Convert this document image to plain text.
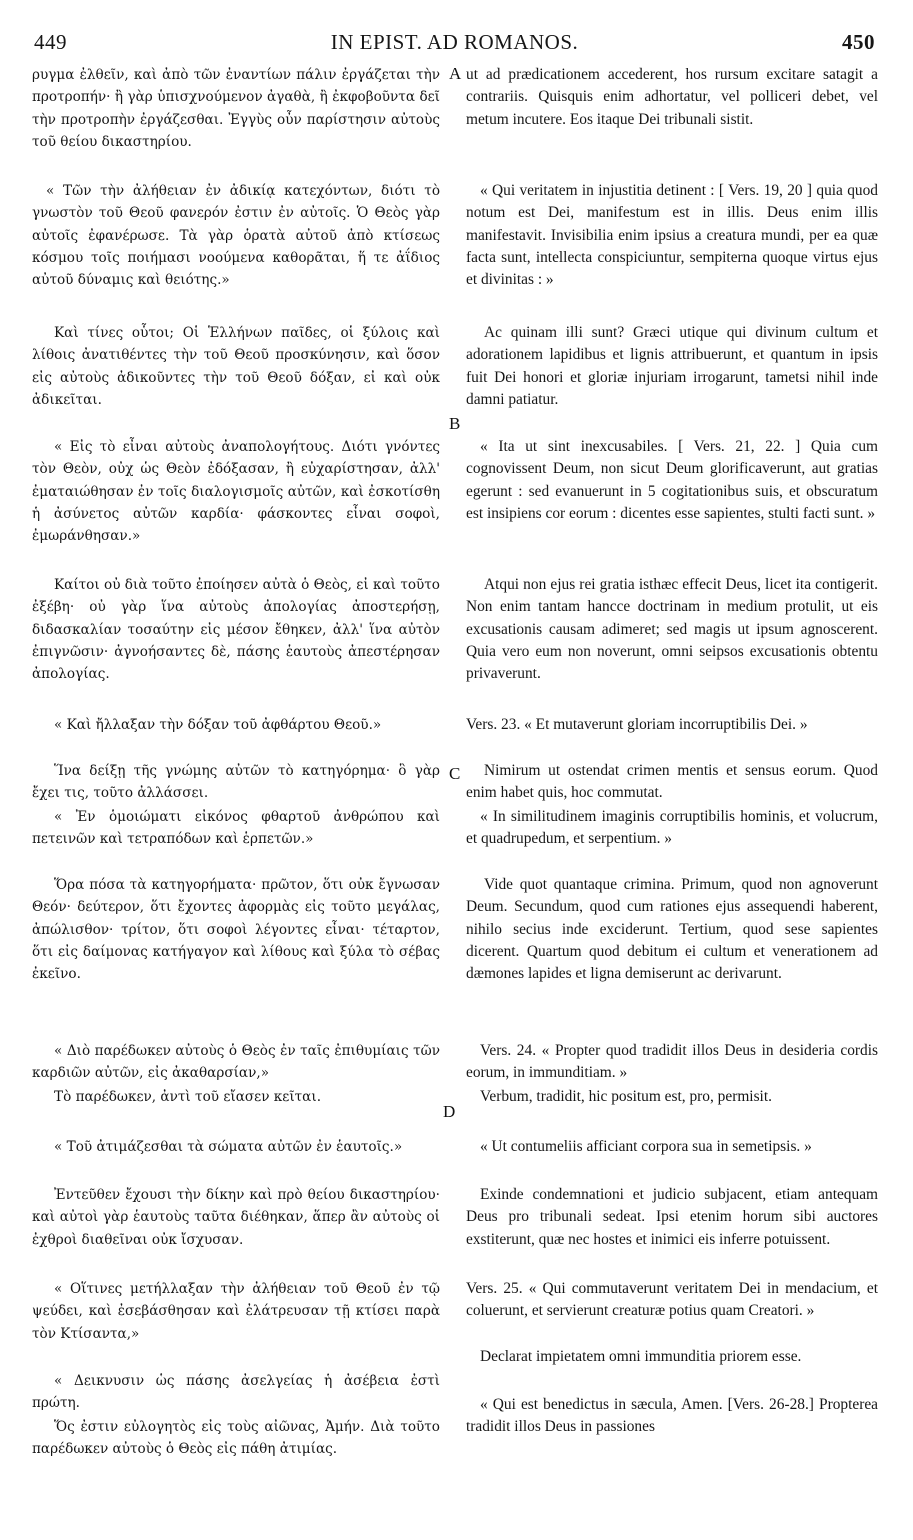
449	IN EPIST. AD ROMANOS.	450

ρυγμα ἐλθεῖν, καὶ ἀπὸ τῶν ἐναντίων πάλιν ἐργάζεται τὴν προτροπήν· ἢ γὰρ ὑπισχνούμενον ἀγαθὰ, ἢ ἐκφοβοῦντα δεῖ τὴν προτροπὴν ἐργάζεσθαι. Ἐγγὺς οὖν παρίστησιν αὐτοὺς τοῦ θείου δικαστηρίου.

« Τῶν τὴν ἀλήθειαν ἐν ἀδικίᾳ κατεχόντων, διότι τὸ γνωστὸν τοῦ Θεοῦ φανερόν ἐστιν ἐν αὐτοῖς. Ὁ Θεὸς γὰρ αὐτοῖς ἐφανέρωσε. Τὰ γὰρ ὁρατὰ αὐτοῦ ἀπὸ κτίσεως κόσμου τοῖς ποιήμασι νοούμενα καθορᾶται, ἥ τε ἀΐδιος αὐτοῦ δύναμις καὶ θειότης.»

Καὶ τίνες οὗτοι; Οἱ Ἑλλήνων παῖδες, οἱ ξύλοις καὶ λίθοις ἀνατιθέντες τὴν τοῦ Θεοῦ προσκύνησιν, καὶ ὅσον εἰς αὐτοὺς ἀδικοῦντες τὴν τοῦ Θεοῦ δόξαν, εἰ καὶ οὐκ ἀδικεῖται.

« Εἰς τὸ εἶναι αὐτοὺς ἀναπολογήτους. Διότι γνόντες τὸν Θεὸν, οὐχ ὡς Θεὸν ἐδόξασαν, ἢ εὐχαρίστησαν, ἀλλ' ἐματαιώθησαν ἐν τοῖς διαλογισμοῖς αὐτῶν, καὶ ἐσκοτίσθη ἡ ἀσύνετος αὐτῶν καρδία· φάσκοντες εἶναι σοφοὶ, ἐμωράνθησαν.»

Καίτοι οὐ διὰ τοῦτο ἐποίησεν αὐτὰ ὁ Θεὸς, εἰ καὶ τοῦτο ἐξέβη· οὐ γὰρ ἵνα αὐτοὺς ἀπολογίας ἀποστερήσῃ, διδασκαλίαν τοσαύτην εἰς μέσον ἔθηκεν, ἀλλ' ἵνα αὐτὸν ἐπιγνῶσιν· ἀγνοήσαντες δὲ, πάσης ἑαυτοὺς ἀπεστέρησαν ἀπολογίας.

« Καὶ ἤλλαξαν τὴν δόξαν τοῦ ἀφθάρτου Θεοῦ.»

Ἵνα δείξῃ τῆς γνώμης αὐτῶν τὸ κατηγόρημα· ὃ γὰρ ἔχει τις, τοῦτο ἀλλάσσει.

« Ἐν ὁμοιώματι εἰκόνος φθαρτοῦ ἀνθρώπου καὶ πετεινῶν καὶ τετραπόδων καὶ ἑρπετῶν.»

Ὅρα πόσα τὰ κατηγορήματα· πρῶτον, ὅτι οὐκ ἔγνωσαν Θεόν· δεύτερον, ὅτι ἔχοντες ἀφορμὰς εἰς τοῦτο μεγάλας, ἀπώλισθον· τρίτον, ὅτι σοφοὶ λέγοντες εἶναι· τέταρτον, ὅτι εἰς δαίμονας κατήγαγον καὶ λίθους καὶ ξύλα τὸ σέβας ἐκεῖνο.

« Διὸ παρέδωκεν αὐτοὺς ὁ Θεὸς ἐν ταῖς ἐπιθυμίαις τῶν καρδιῶν αὐτῶν, εἰς ἀκαθαρσίαν,»

Τὸ παρέδωκεν, ἀντὶ τοῦ εἴασεν κεῖται.

« Τοῦ ἀτιμάζεσθαι τὰ σώματα αὐτῶν ἐν ἑαυτοῖς.»

Ἐντεῦθεν ἔχουσι τὴν δίκην καὶ πρὸ θείου δικαστηρίου· καὶ αὐτοὶ γὰρ ἑαυτοὺς ταῦτα διέθηκαν, ἅπερ ἂν αὐτοὺς οἱ ἐχθροὶ διαθεῖναι οὐκ ἴσχυσαν.

« Οἵτινες μετήλλαξαν τὴν ἀλήθειαν τοῦ Θεοῦ ἐν τῷ ψεύδει, καὶ ἐσεβάσθησαν καὶ ἐλάτρευσαν τῇ κτίσει παρὰ τὸν Κτίσαντα,»

« Δεικνυσιν ὡς πάσης ἀσελγείας ἡ ἀσέβεια ἐστὶ πρώτη.

Ὅς ἐστιν εὐλογητὸς εἰς τοὺς αἰῶνας, Ἀμήν. Διὰ τοῦτο παρέδωκεν αὐτοὺς ὁ Θεὸς εἰς πάθη ἀτιμίας.

A
B
C
D

ut ad prædicationem accederent, hos rursum excitare satagit a contrariis. Quisquis enim adhortatur, vel polliceri debet, vel metum incutere. Eos itaque Dei tribunali sistit.

« Qui veritatem in injustitia detinent : [ Vers. 19, 20 ] quia quod notum est Dei, manifestum est in illis. Deus enim illis manifestavit. Invisibilia enim ipsius a creatura mundi, per ea quæ facta sunt, intellecta conspiciuntur, sempiterna quoque virtus ejus et divinitas : »

Ac quinam illi sunt? Græci utique qui divinum cultum et adorationem lapidibus et lignis attribuerunt, et quantum in ipsis fuit Dei honori et gloriæ injuriam irrogarunt, tametsi nihil inde damni patiatur.

« Ita ut sint inexcusabiles. [ Vers. 21, 22. ] Quia cum cognovissent Deum, non sicut Deum glorificaverunt, aut gratias egerunt : sed evanuerunt in 5 cogitationibus suis, et obscuratum est insipiens cor eorum : dicentes esse sapientes, stulti facti sunt. »

Atqui non ejus rei gratia isthæc effecit Deus, licet ita contigerit. Non enim tantam hancce doctrinam in medium protulit, ut eis excusationis causam adimeret; sed magis ut ipsum agnoscerent. Quia vero eum non noverunt, omni seipsos excusationis obtentu privaverunt.

Vers. 23. « Et mutaverunt gloriam incorruptibilis Dei. »

Nimirum ut ostendat crimen mentis et sensus eorum. Quod enim habet quis, hoc commutat.

« In similitudinem imaginis corruptibilis hominis, et volucrum, et quadrupedum, et serpentium. »

Vide quot quantaque crimina. Primum, quod non agnoverunt Deum. Secundum, quod cum rationes ejus assequendi haberent, nihilo secius inde exciderunt. Tertium, quod sese sapientes dicerent. Quartum quod debitum ei cultum et venerationem ad dæmones lapides et ligna demiserunt ac derivarunt.

Vers. 24. « Propter quod tradidit illos Deus in desideria cordis eorum, in immunditiam. »

Verbum, tradidit, hic positum est, pro, permisit.

« Ut contumeliis afficiant corpora sua in semetipsis. »

Exinde condemnationi et judicio subjacent, etiam antequam Deus pro tribunali sedeat. Ipsi etenim horum sibi auctores exstiterunt, quæ nec hostes et inimici eis inferre potuissent.

Vers. 25. « Qui commutaverunt veritatem Dei in mendacium, et coluerunt, et servierunt creaturæ potius quam Creatori. »

Declarat impietatem omni immunditia priorem esse.

« Qui est benedictus in sæcula, Amen. [Vers. 26-28.] Propterea tradidit illos Deus in passiones
